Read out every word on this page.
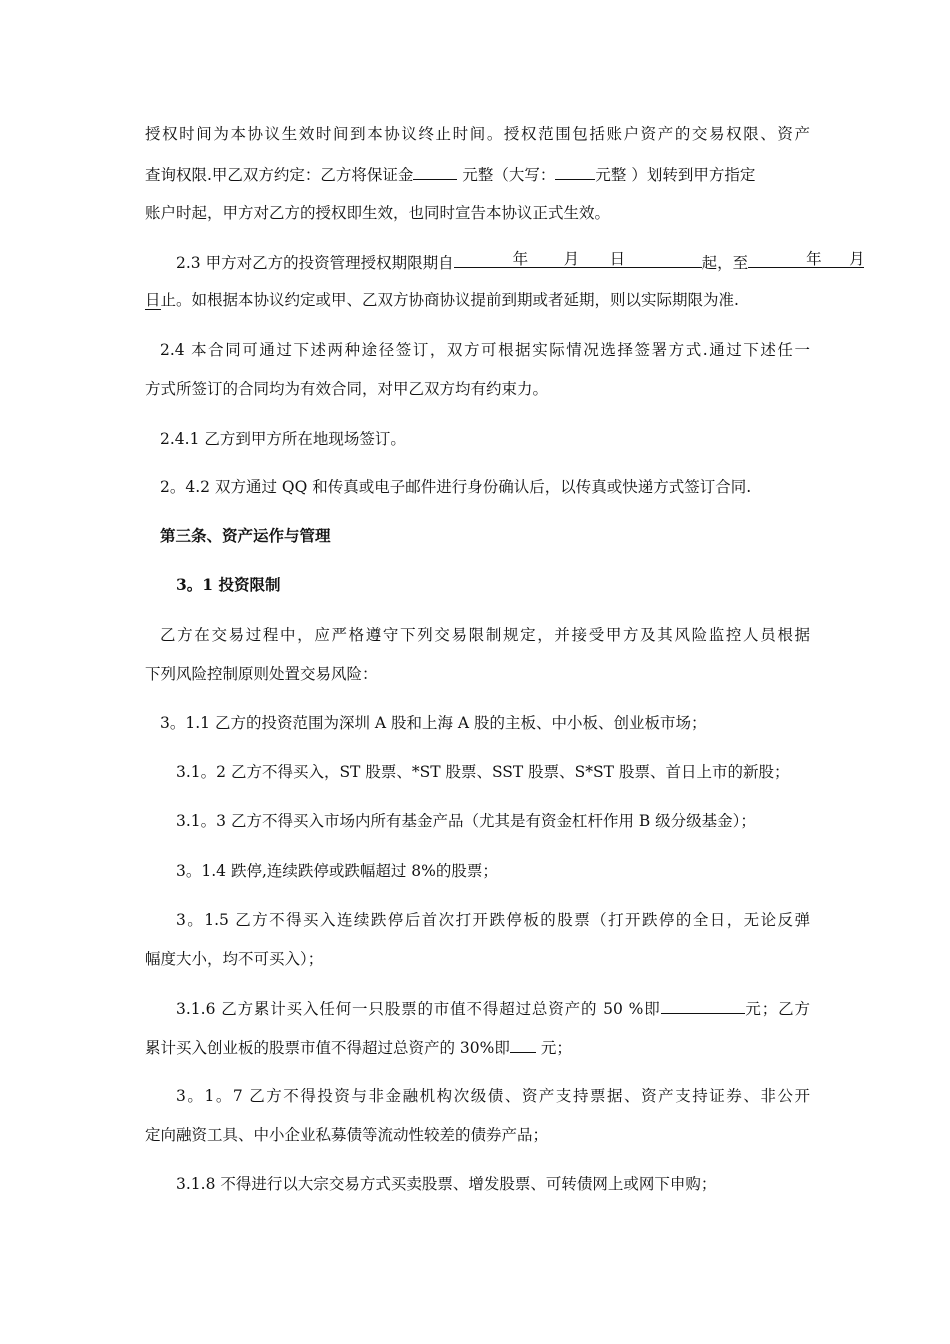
授权时间为本协议生效时间到本协议终止时间。授权范围包括账户资产的交易权限、资产
查询权限.甲乙双方约定：乙方将保证金	元整（大写：	元整 ）划转到甲方指定
账户时起，甲方对乙方的授权即生效，也同时宣告本协议正式生效。
2.3 甲方对乙方的投资管理授权期限期自	年 月 日	起，至	年 月
日止。如根据本协议约定或甲、乙双方协商协议提前到期或者延期，则以实际期限为准.
2.4 本合同可通过下述两种途径签订，双方可根据实际情况选择签署方式.通过下述任一
方式所签订的合同均为有效合同，对甲乙双方均有约束力。
2.4.1 乙方到甲方所在地现场签订。
2。4.2 双方通过 QQ 和传真或电子邮件进行身份确认后，以传真或快递方式签订合同.
第三条、资产运作与管理
3。1 投资限制
乙方在交易过程中，应严格遵守下列交易限制规定，并接受甲方及其风险监控人员根据
下列风险控制原则处置交易风险：
3。1.1 乙方的投资范围为深圳 A 股和上海 A 股的主板、中小板、创业板市场；
3.1。2 乙方不得买入，ST 股票、*ST 股票、SST 股票、S*ST 股票、首日上市的新股；
3.1。3 乙方不得买入市场内所有基金产品（尤其是有资金杠杆作用 B 级分级基金）；
3。1.4 跌停,连续跌停或跌幅超过 8%的股票；
3。1.5 乙方不得买入连续跌停后首次打开跌停板的股票（打开跌停的全日，无论反弹
幅度大小，均不可买入）；
3.1.6 乙方累计买入任何一只股票的市值不得超过总资产的 50 %即	元；乙方
累计买入创业板的股票市值不得超过总资产的 30%即 元；
3。1。7 乙方不得投资与非金融机构次级债、资产支持票据、资产支持证券、非公开
定向融资工具、中小企业私募债等流动性较差的债券产品；
3.1.8 不得进行以大宗交易方式买卖股票、增发股票、可转债网上或网下申购；
